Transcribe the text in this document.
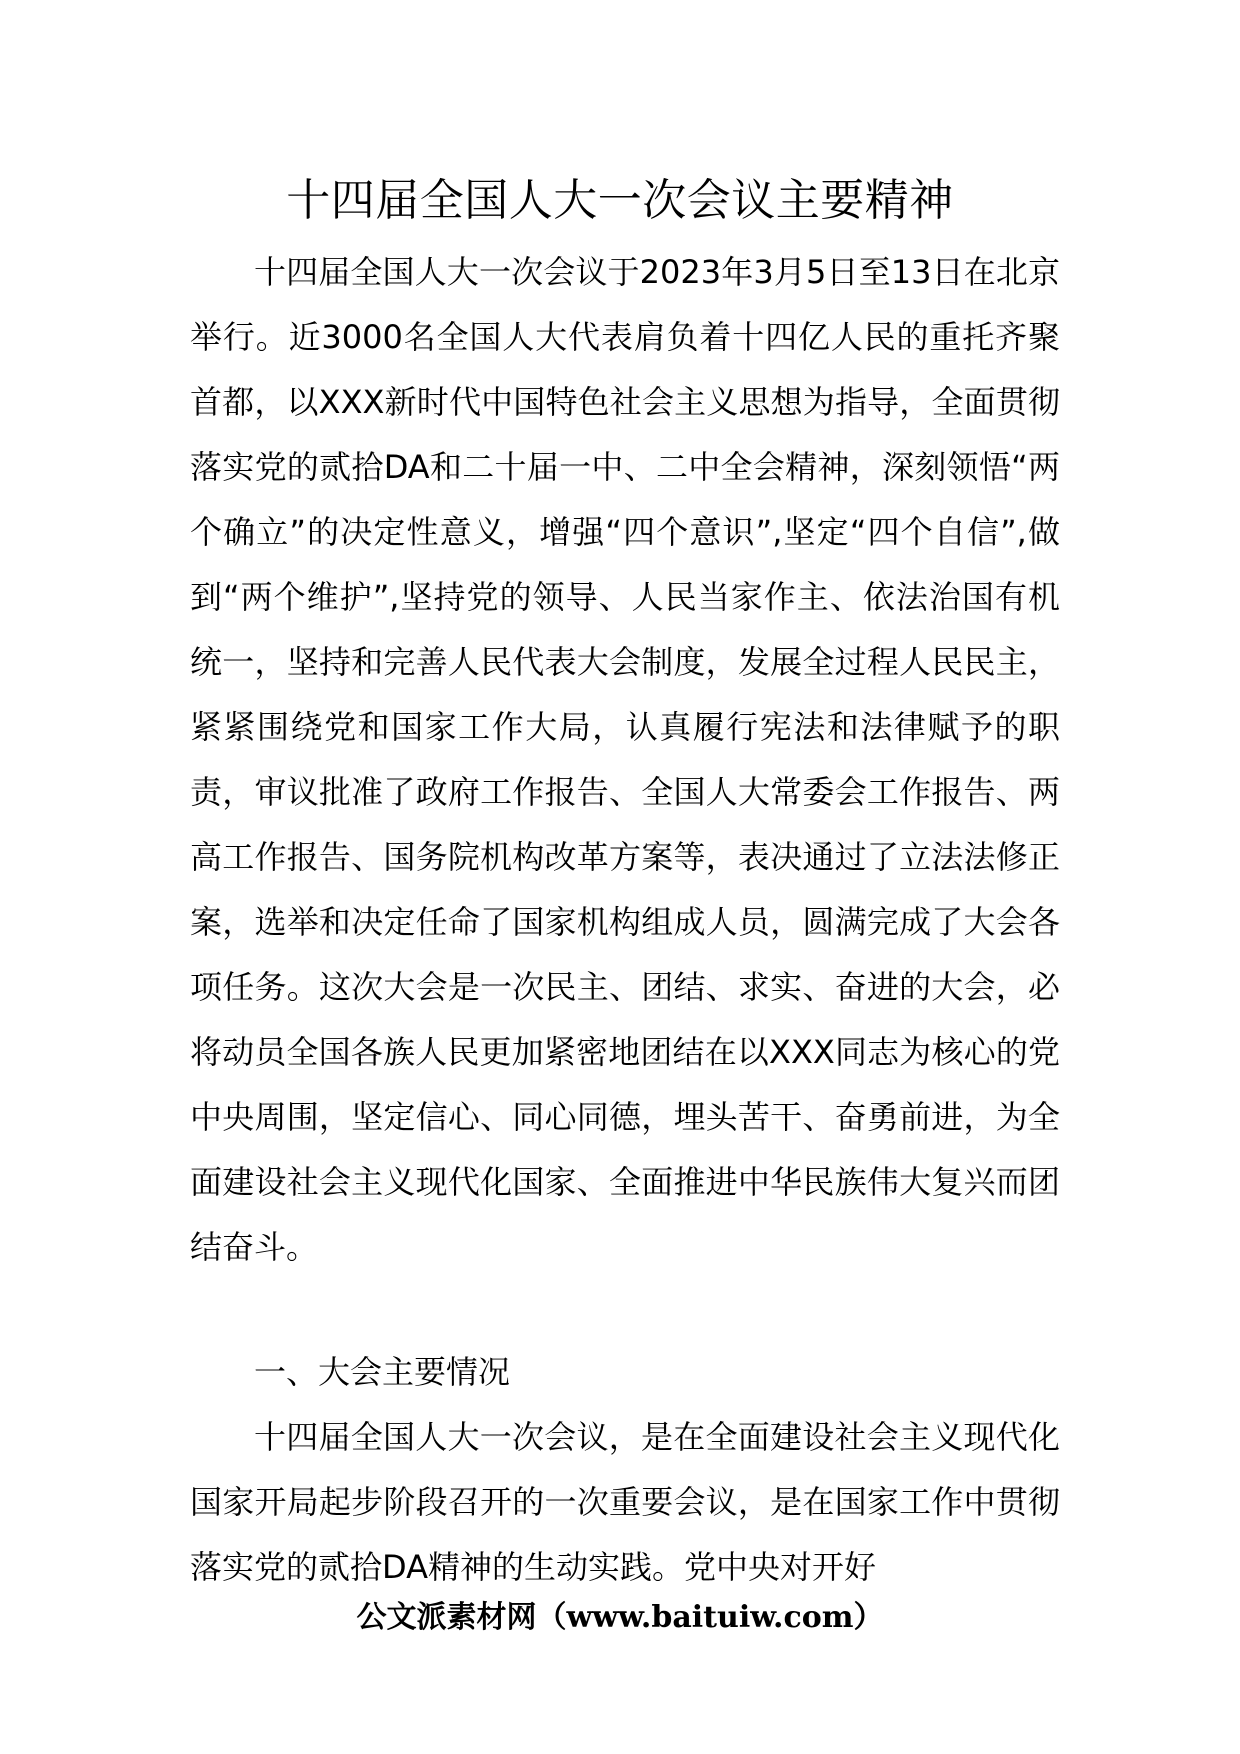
十四届全国人大一次会议主要精神
十四届全国人大一次会议于2023年3月5日至13日在北京举行。近3000名全国人大代表肩负着十四亿人民的重托齐聚首都，以XXX新时代中国特色社会主义思想为指导，全面贯彻落实党的贰拾DA和二十届一中、二中全会精神，深刻领悟“两个确立”的决定性意义，增强“四个意识”,坚定“四个自信”,做到“两个维护”,坚持党的领导、人民当家作主、依法治国有机统一，坚持和完善人民代表大会制度，发展全过程人民民主，紧紧围绕党和国家工作大局，认真履行宪法和法律赋予的职责，审议批准了政府工作报告、全国人大常委会工作报告、两高工作报告、国务院机构改革方案等，表决通过了立法法修正案，选举和决定任命了国家机构组成人员，圆满完成了大会各项任务。这次大会是一次民主、团结、求实、奋进的大会，必将动员全国各族人民更加紧密地团结在以XXX同志为核心的党中央周围，坚定信心、同心同德，埋头苦干、奋勇前进，为全面建设社会主义现代化国家、全面推进中华民族伟大复兴而团结奋斗。
一、大会主要情况
十四届全国人大一次会议，是在全面建设社会主义现代化国家开局起步阶段召开的一次重要会议，是在国家工作中贯彻落实党的贰拾DA精神的生动实践。党中央对开好
公文派素材网（www.baituiw.com）
